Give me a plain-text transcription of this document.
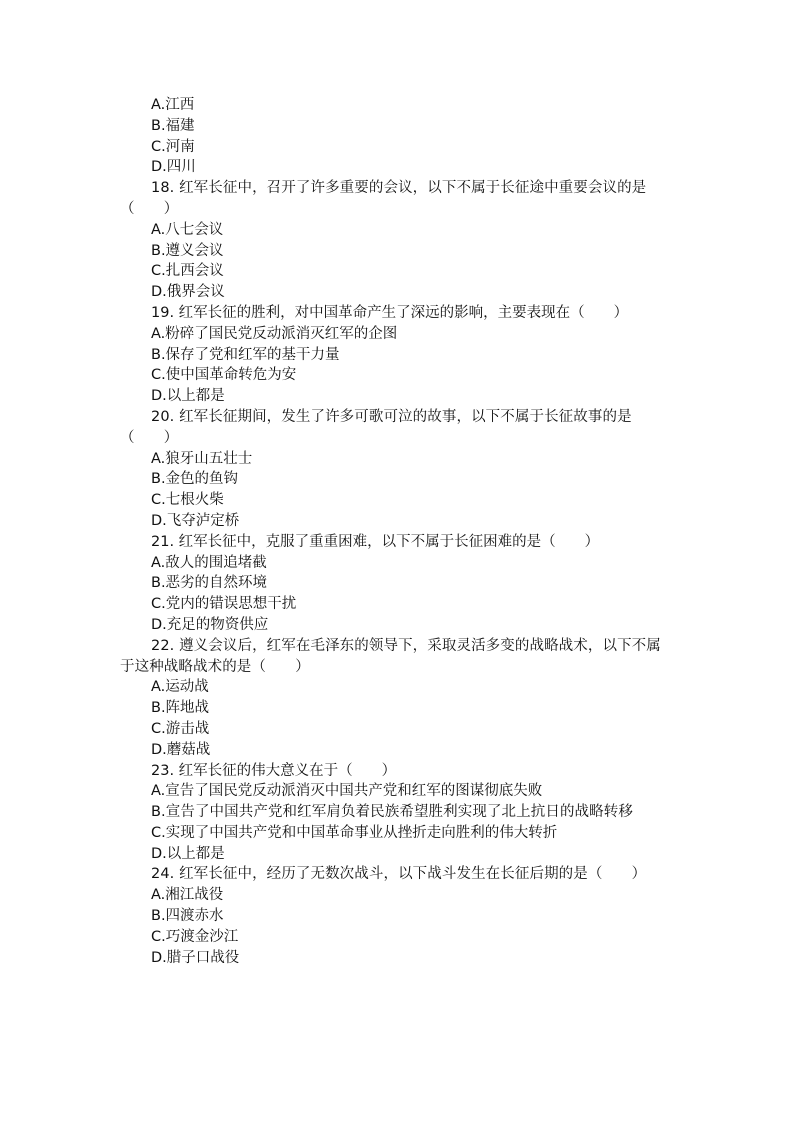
A.江西
B.福建
C.河南
D.四川
18. 红军长征中，召开了许多重要的会议，以下不属于长征途中重要会议的是（　　）
A.八七会议
B.遵义会议
C.扎西会议
D.俄界会议
19. 红军长征的胜利，对中国革命产生了深远的影响，主要表现在（　　）
A.粉碎了国民党反动派消灭红军的企图
B.保存了党和红军的基干力量
C.使中国革命转危为安
D.以上都是
20. 红军长征期间，发生了许多可歌可泣的故事，以下不属于长征故事的是（　　）
A.狼牙山五壮士
B.金色的鱼钩
C.七根火柴
D.飞夺泸定桥
21. 红军长征中，克服了重重困难，以下不属于长征困难的是（　　）
A.敌人的围追堵截
B.恶劣的自然环境
C.党内的错误思想干扰
D.充足的物资供应
22. 遵义会议后，红军在毛泽东的领导下，采取灵活多变的战略战术，以下不属于这种战略战术的是（　　）
A.运动战
B.阵地战
C.游击战
D.蘑菇战
23. 红军长征的伟大意义在于（　　）
A.宣告了国民党反动派消灭中国共产党和红军的图谋彻底失败
B.宣告了中国共产党和红军肩负着民族希望胜利实现了北上抗日的战略转移
C.实现了中国共产党和中国革命事业从挫折走向胜利的伟大转折
D.以上都是
24. 红军长征中，经历了无数次战斗，以下战斗发生在长征后期的是（　　）
A.湘江战役
B.四渡赤水
C.巧渡金沙江
D.腊子口战役
